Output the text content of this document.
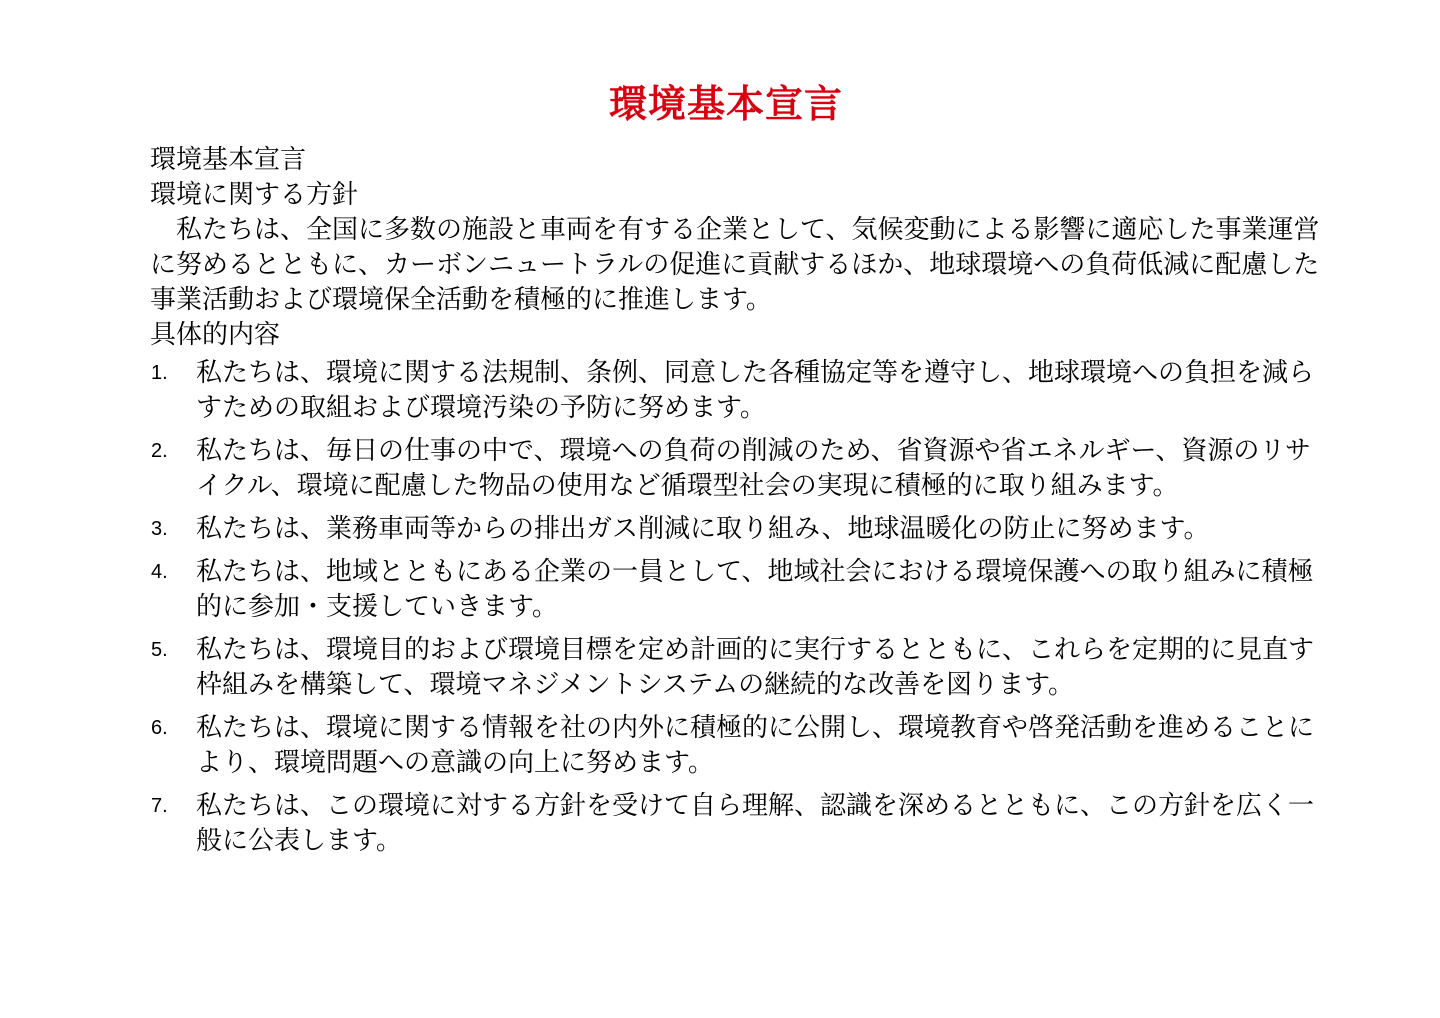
環境基本宣言

環境基本宣言

環境に関する方針

私たちは、全国に多数の施設と車両を有する企業として、気候変動による影響に適応した事業運営に努めるとともに、カーボンニュートラルの促進に貢献するほか、地球環境への負荷低減に配慮した事業活動および環境保全活動を積極的に推進します。

具体的内容

1. 私たちは、環境に関する法規制、条例、同意した各種協定等を遵守し、地球環境への負担を減らすための取組および環境汚染の予防に努めます。
2. 私たちは、毎日の仕事の中で、環境への負荷の削減のため、省資源や省エネルギー、資源のリサイクル、環境に配慮した物品の使用など循環型社会の実現に積極的に取り組みます。
3. 私たちは、業務車両等からの排出ガス削減に取り組み、地球温暖化の防止に努めます。
4. 私たちは、地域とともにある企業の一員として、地域社会における環境保護への取り組みに積極的に参加・支援していきます。
5. 私たちは、環境目的および環境目標を定め計画的に実行するとともに、これらを定期的に見直す枠組みを構築して、環境マネジメントシステムの継続的な改善を図ります。
6. 私たちは、環境に関する情報を社の内外に積極的に公開し、環境教育や啓発活動を進めることにより、環境問題への意識の向上に努めます。
7. 私たちは、この環境に対する方針を受けて自ら理解、認識を深めるとともに、この方針を広く一般に公表します。
